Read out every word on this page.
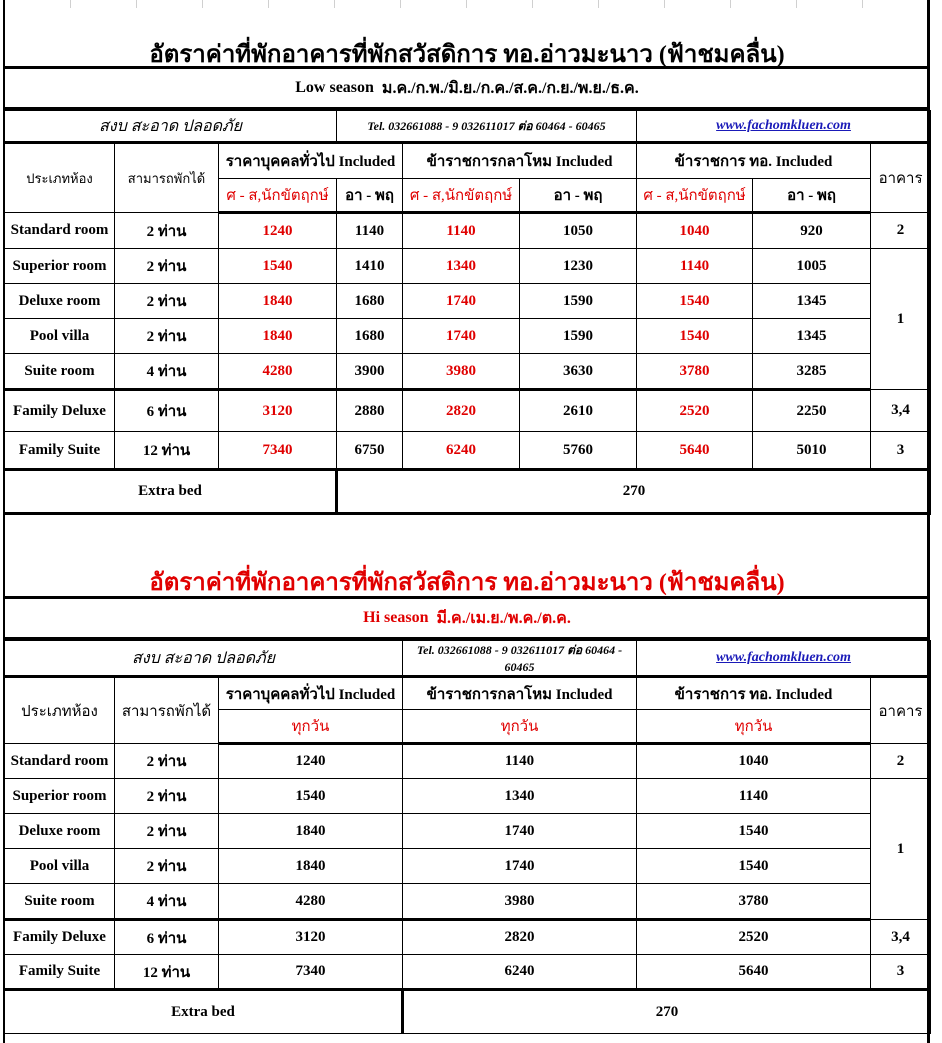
อัตราค่าที่พักอาคารที่พักสวัสดิการ ทอ.อ่าวมะนาว (ฟ้าชมคลื่น)
Low season ม.ค./ก.พ./มิ.ย./ก.ค./ส.ค./ก.ย./พ.ย./ธ.ค.
สงบ สะอาด ปลอดภัย			Tel. 032661088 - 9 032611017 ต่อ 60464 - 60465			www.fachomkluen.com		
ประเภทห้อง	สามารถพักได้	ราคาบุคคลทั่วไป Included		ข้าราชการกลาโหม Included		ข้าราชการ ทอ. Included		อาคาร
		ศ - ส,นักขัตฤกษ์	อา - พฤ	ศ - ส,นักขัตฤกษ์	อา - พฤ	ศ - ส,นักขัตฤกษ์	อา - พฤ	
Standard room	2 ท่าน	1240	1140	1140	1050	1040	920	2
Superior room	2 ท่าน	1540	1410	1340	1230	1140	1005	1
Deluxe room	2 ท่าน	1840	1680	1740	1590	1540	1345	
Pool villa	2 ท่าน	1840	1680	1740	1590	1540	1345	
Suite room	4 ท่าน	4280	3900	3980	3630	3780	3285	
Family Deluxe	6 ท่าน	3120	2880	2820	2610	2520	2250	3,4
Family Suite	12 ท่าน	7340	6750	6240	5760	5640	5010	3
Extra bed			270					
อัตราค่าที่พักอาคารที่พักสวัสดิการ ทอ.อ่าวมะนาว (ฟ้าชมคลื่น)
Hi season มี.ค./เม.ย./พ.ค./ต.ค.
สงบ สะอาด ปลอดภัย			Tel. 032661088 - 9 032611017 ต่อ 60464 - 60465	www.fachomkluen.com	
ประเภทห้อง	สามารถพักได้	ราคาบุคคลทั่วไป Included	ข้าราชการกลาโหม Included	ข้าราชการ ทอ. Included	อาคาร
		ทุกวัน	ทุกวัน	ทุกวัน	
Standard room	2 ท่าน	1240	1140	1040	2
Superior room	2 ท่าน	1540	1340	1140	1
Deluxe room	2 ท่าน	1840	1740	1540	
Pool villa	2 ท่าน	1840	1740	1540	
Suite room	4 ท่าน	4280	3980	3780	
Family Deluxe	6 ท่าน	3120	2820	2520	3,4
Family Suite	12 ท่าน	7340	6240	5640	3
Extra bed			270		
